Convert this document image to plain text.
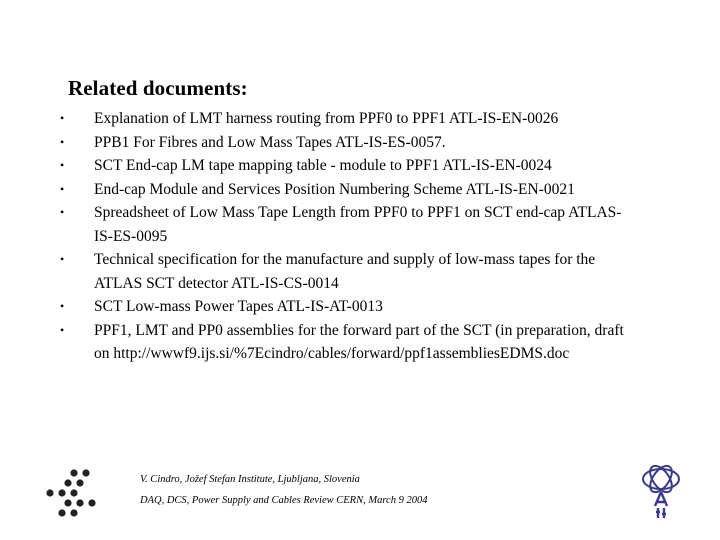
Related documents:
• Explanation of LMT harness routing from PPF0 to PPF1 ATL-IS-EN-0026
• PPB1 For Fibres and Low Mass Tapes ATL-IS-ES-0057.
• SCT End-cap LM tape mapping table - module to PPF1 ATL-IS-EN-0024
• End-cap Module and Services Position Numbering Scheme ATL-IS-EN-0021
• Spreadsheet of Low Mass Tape Length from PPF0 to PPF1 on SCT end-cap ATLAS-IS-ES-0095
• Technical specification for the manufacture and supply of low-mass tapes for the ATLAS SCT detector ATL-IS-CS-0014
• SCT Low-mass Power Tapes ATL-IS-AT-0013
• PPF1, LMT and PP0 assemblies for the forward part of the SCT (in preparation, draft on http://wwwf9.ijs.si/%7Ecindro/cables/forward/ppf1assembliesEDMS.doc
V. Cindro, Jožef Stefan Institute, Ljubljana, Slovenia
DAQ, DCS, Power Supply and Cables Review CERN, March 9 2004
